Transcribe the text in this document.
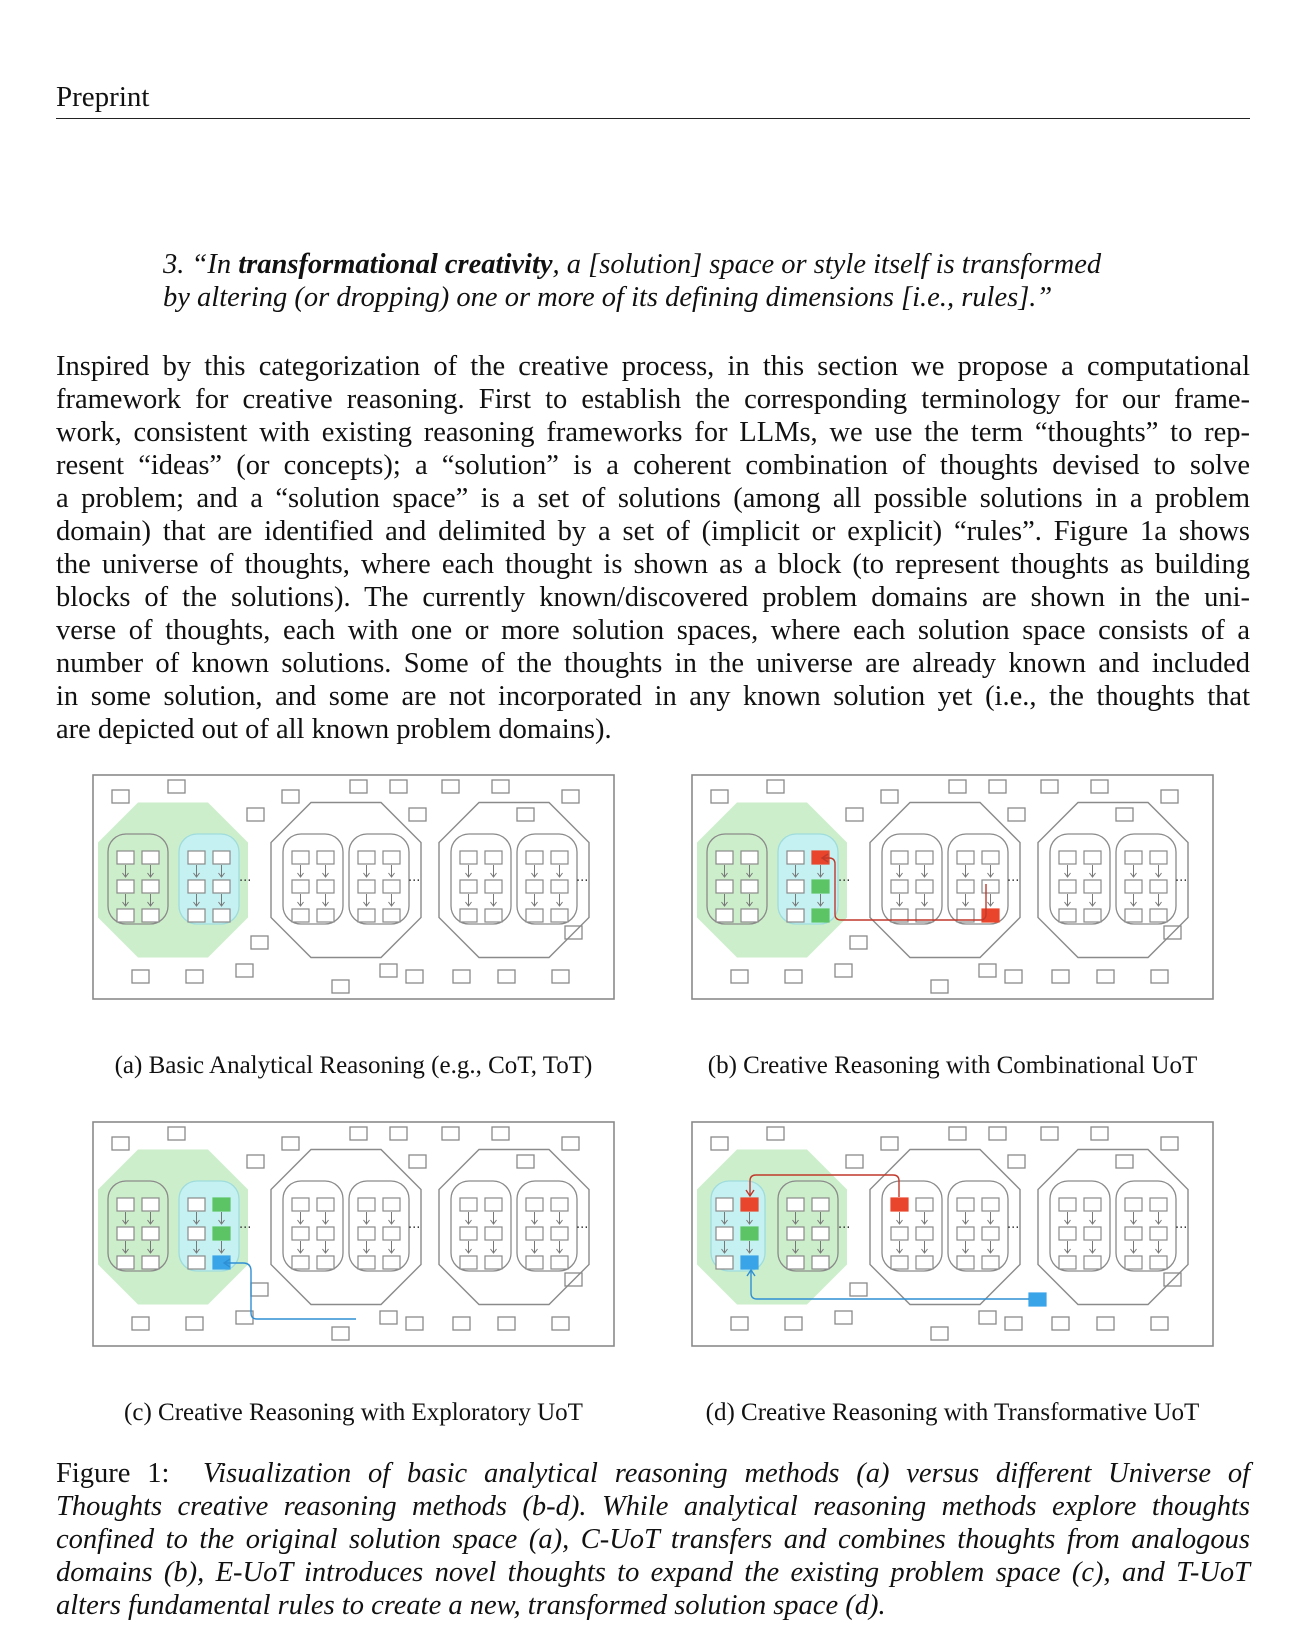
Preprint
3. “In transformational creativity, a [solution] space or style itself is transformed
by altering (or dropping) one or more of its defining dimensions [i.e., rules].”
Inspired by this categorization of the creative process, in this section we propose a computational
framework for creative reasoning. First to establish the corresponding terminology for our frame-
work, consistent with existing reasoning frameworks for LLMs, we use the term “thoughts” to rep-
resent “ideas” (or concepts); a “solution” is a coherent combination of thoughts devised to solve
a problem; and a “solution space” is a set of solutions (among all possible solutions in a problem
domain) that are identified and delimited by a set of (implicit or explicit) “rules”. Figure 1a shows
the universe of thoughts, where each thought is shown as a block (to represent thoughts as building
blocks of the solutions). The currently known/discovered problem domains are shown in the uni-
verse of thoughts, each with one or more solution spaces, where each solution space consists of a
number of known solutions. Some of the thoughts in the universe are already known and included
in some solution, and some are not incorporated in any known solution yet (i.e., the thoughts that
are depicted out of all known problem domains).
···	···	···	···	···	···
···	···	···	···	···	···
(a) Basic Analytical Reasoning (e.g., CoT, ToT)	(b) Creative Reasoning with Combinational UoT
(c) Creative Reasoning with Exploratory UoT	(d) Creative Reasoning with Transformative UoT
Figure 1: Visualization of basic analytical reasoning methods (a) versus different Universe of
Thoughts creative reasoning methods (b-d). While analytical reasoning methods explore thoughts
confined to the original solution space (a), C-UoT transfers and combines thoughts from analogous
domains (b), E-UoT introduces novel thoughts to expand the existing problem space (c), and T-UoT
alters fundamental rules to create a new, transformed solution space (d).
